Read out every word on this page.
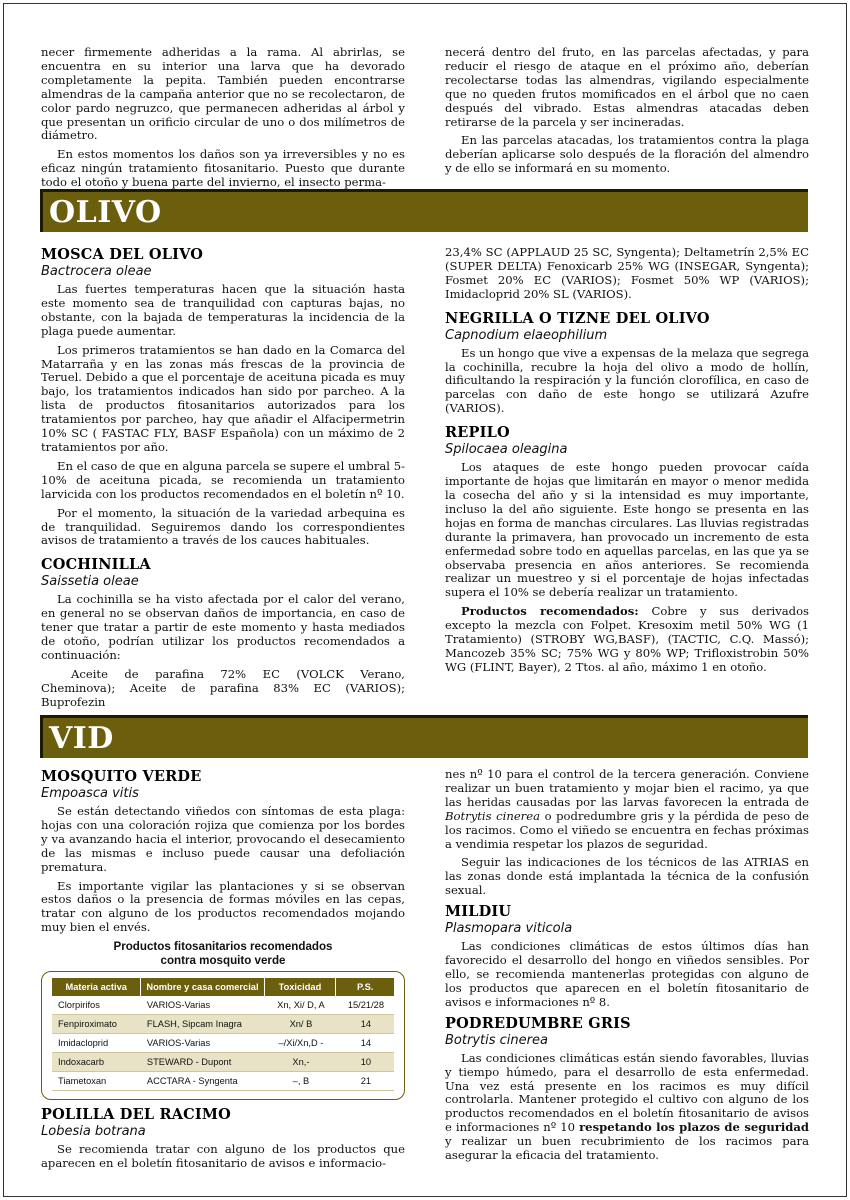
necer firmemente adheridas a la rama. Al abrirlas, se encuentra en su interior una larva que ha devorado completamente la pepita. También pueden encontrarse almendras de la campaña anterior que no se recolectaron, de color pardo negruzco, que permanecen adheridas al árbol y que presentan un orificio circular de uno o dos milímetros de diámetro.

En estos momentos los daños son ya irreversibles y no es eficaz ningún tratamiento fitosanitario. Puesto que durante todo el otoño y buena parte del invierno, el insecto perma-

necerá dentro del fruto, en las parcelas afectadas, y para reducir el riesgo de ataque en el próximo año, deberían recolectarse todas las almendras, vigilando especialmente que no queden frutos momificados en el árbol que no caen después del vibrado. Estas almendras atacadas deben retirarse de la parcela y ser incineradas.

En las parcelas atacadas, los tratamientos contra la plaga deberían aplicarse solo después de la floración del almendro y de ello se informará en su momento.

OLIVO
MOSCA DEL OLIVO
Bactrocera oleae

Las fuertes temperaturas hacen que la situación hasta este momento sea de tranquilidad con capturas bajas, no obstante, con la bajada de temperaturas la incidencia de la plaga puede aumentar.

Los primeros tratamientos se han dado en la Comarca del Matarraña y en las zonas más frescas de la provincia de Teruel. Debido a que el porcentaje de aceituna picada es muy bajo, los tratamientos indicados han sido por parcheo. A la lista de productos fitosanitarios autorizados para los tratamientos por parcheo, hay que añadir el Alfacipermetrin 10% SC ( FASTAC FLY, BASF Española) con un máximo de 2 tratamientos por año.

En el caso de que en alguna parcela se supere el umbral 5-10% de aceituna picada, se recomienda un tratamiento larvicida con los productos recomendados en el boletín nº 10.

Por el momento, la situación de la variedad arbequina es de tranquilidad. Seguiremos dando los correspondientes avisos de tratamiento a través de los cauces habituales.

COCHINILLA
Saissetia oleae

La cochinilla se ha visto afectada por el calor del verano, en general no se observan daños de importancia, en caso de tener que tratar a partir de este momento y hasta mediados de otoño, podrían utilizar los productos recomendados a continuación:

Aceite de parafina 72% EC (VOLCK Verano, Cheminova); Aceite de parafina 83% EC (VARIOS); Buprofezin

23,4% SC (APPLAUD 25 SC, Syngenta); Deltametrín 2,5% EC (SUPER DELTA) Fenoxicarb 25% WG (INSEGAR, Syngenta); Fosmet 20% EC (VARIOS); Fosmet 50% WP (VARIOS); Imidacloprid 20% SL (VARIOS).

NEGRILLA O TIZNE DEL OLIVO
Capnodium elaeophilium

Es un hongo que vive a expensas de la melaza que segrega la cochinilla, recubre la hoja del olivo a modo de hollín, dificultando la respiración y la función clorofílica, en caso de parcelas con daño de este hongo se utilizará Azufre (VARIOS).

REPILO
Spilocaea oleagina

Los ataques de este hongo pueden provocar caída importante de hojas que limitarán en mayor o menor medida la cosecha del año y si la intensidad es muy importante, incluso la del año siguiente. Este hongo se presenta en las hojas en forma de manchas circulares. Las lluvias registradas durante la primavera, han provocado un incremento de esta enfermedad sobre todo en aquellas parcelas, en las que ya se observaba presencia en años anteriores. Se recomienda realizar un muestreo y si el porcentaje de hojas infectadas supera el 10% se debería realizar un tratamiento.

Productos recomendados: Cobre y sus derivados excepto la mezcla con Folpet. Kresoxim metil 50% WG (1 Tratamiento) (STROBY WG,BASF), (TACTIC, C.Q. Massó); Mancozeb 35% SC; 75% WG y 80% WP; Trifloxistrobin 50% WG (FLINT, Bayer), 2 Ttos. al año, máximo 1 en otoño.

VID
MOSQUITO VERDE
Empoasca vitis

Se están detectando viñedos con síntomas de esta plaga: hojas con una coloración rojiza que comienza por los bordes y va avanzando hacia el interior, provocando el desecamiento de las mismas e incluso puede causar una defoliación prematura.

Es importante vigilar las plantaciones y si se observan estos daños o la presencia de formas móviles en las cepas, tratar con alguno de los productos recomendados mojando muy bien el envés.

Productos fitosanitarios recomendados
contra mosquito verde
Materia activa	Nombre y casa comercial	Toxicidad	P.S.
Clorpirifos	VARIOS-Varias	Xn, Xi/ D, A	15/21/28
Fenpiroximato	FLASH, Sipcam Inagra	Xn/ B	14
Imidacloprid	VARIOS-Varias	–/Xi/Xn,D -	14
Indoxacarb	STEWARD - Dupont	Xn,-	10
Tiametoxan	ACCTARA - Syngenta	–, B	21
POLILLA DEL RACIMO
Lobesia botrana

Se recomienda tratar con alguno de los productos que aparecen en el boletín fitosanitario de avisos e informacio-

nes nº 10 para el control de la tercera generación. Conviene realizar un buen tratamiento y mojar bien el racimo, ya que las heridas causadas por las larvas favorecen la entrada de Botrytis cinerea o podredumbre gris y la pérdida de peso de los racimos. Como el viñedo se encuentra en fechas próximas a vendimia respetar los plazos de seguridad.

Seguir las indicaciones de los técnicos de las ATRIAS en las zonas donde está implantada la técnica de la confusión sexual.

MILDIU
Plasmopara viticola

Las condiciones climáticas de estos últimos días han favorecido el desarrollo del hongo en viñedos sensibles. Por ello, se recomienda mantenerlas protegidas con alguno de los productos que aparecen en el boletín fitosanitario de avisos e informaciones nº 8.

PODREDUMBRE GRIS
Botrytis cinerea

Las condiciones climáticas están siendo favorables, lluvias y tiempo húmedo, para el desarrollo de esta enfermedad. Una vez está presente en los racimos es muy difícil controlarla. Mantener protegido el cultivo con alguno de los productos recomendados en el boletín fitosanitario de avisos e informaciones nº 10 respetando los plazos de seguridad y realizar un buen recubrimiento de los racimos para asegurar la eficacia del tratamiento.
